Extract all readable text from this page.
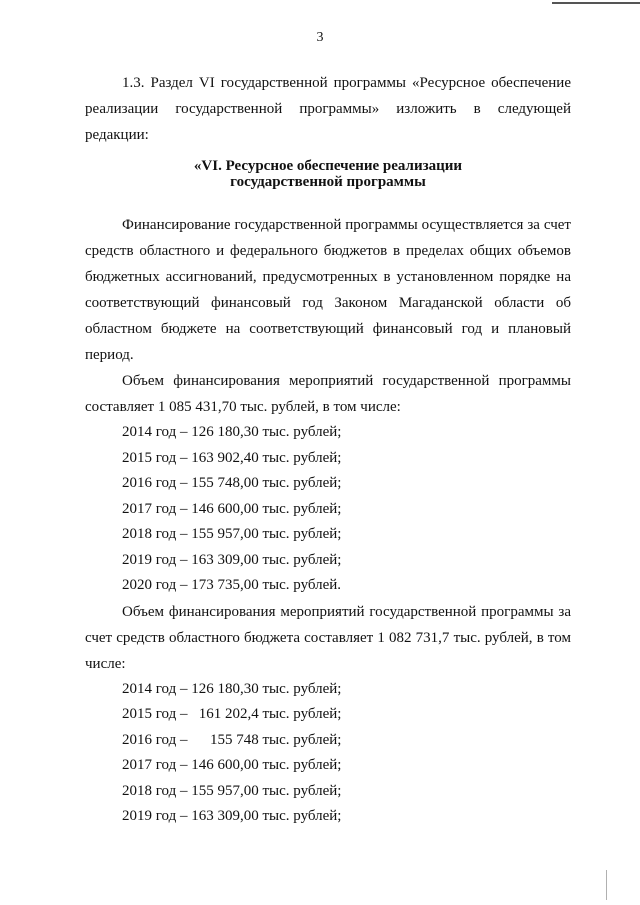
3

1.3. Раздел VI государственной программы «Ресурсное обеспечение реализации государственной программы» изложить в следующей редакции:

«VI. Ресурсное обеспечение реализации
государственной программы

Финансирование государственной программы осуществляется за счет средств областного и федерального бюджетов в пределах общих объемов бюджетных ассигнований, предусмотренных в установленном порядке на соответствующий финансовый год Законом Магаданской области об областном бюджете на соответствующий финансовый год и плановый период.

Объем финансирования мероприятий государственной программы составляет 1 085 431,70 тыс. рублей, в том числе:

2014 год – 126 180,30 тыс. рублей;

2015 год – 163 902,40 тыс. рублей;

2016 год – 155 748,00 тыс. рублей;

2017 год – 146 600,00 тыс. рублей;

2018 год – 155 957,00 тыс. рублей;

2019 год – 163 309,00 тыс. рублей;

2020 год – 173 735,00 тыс. рублей.

Объем финансирования мероприятий государственной программы за счет средств областного бюджета составляет 1 082 731,7 тыс. рублей, в том числе:

2014 год – 126 180,30 тыс. рублей;

2015 год –   161 202,4 тыс. рублей;

2016 год –      155 748 тыс. рублей;

2017 год – 146 600,00 тыс. рублей;

2018 год – 155 957,00 тыс. рублей;

2019 год – 163 309,00 тыс. рублей;
